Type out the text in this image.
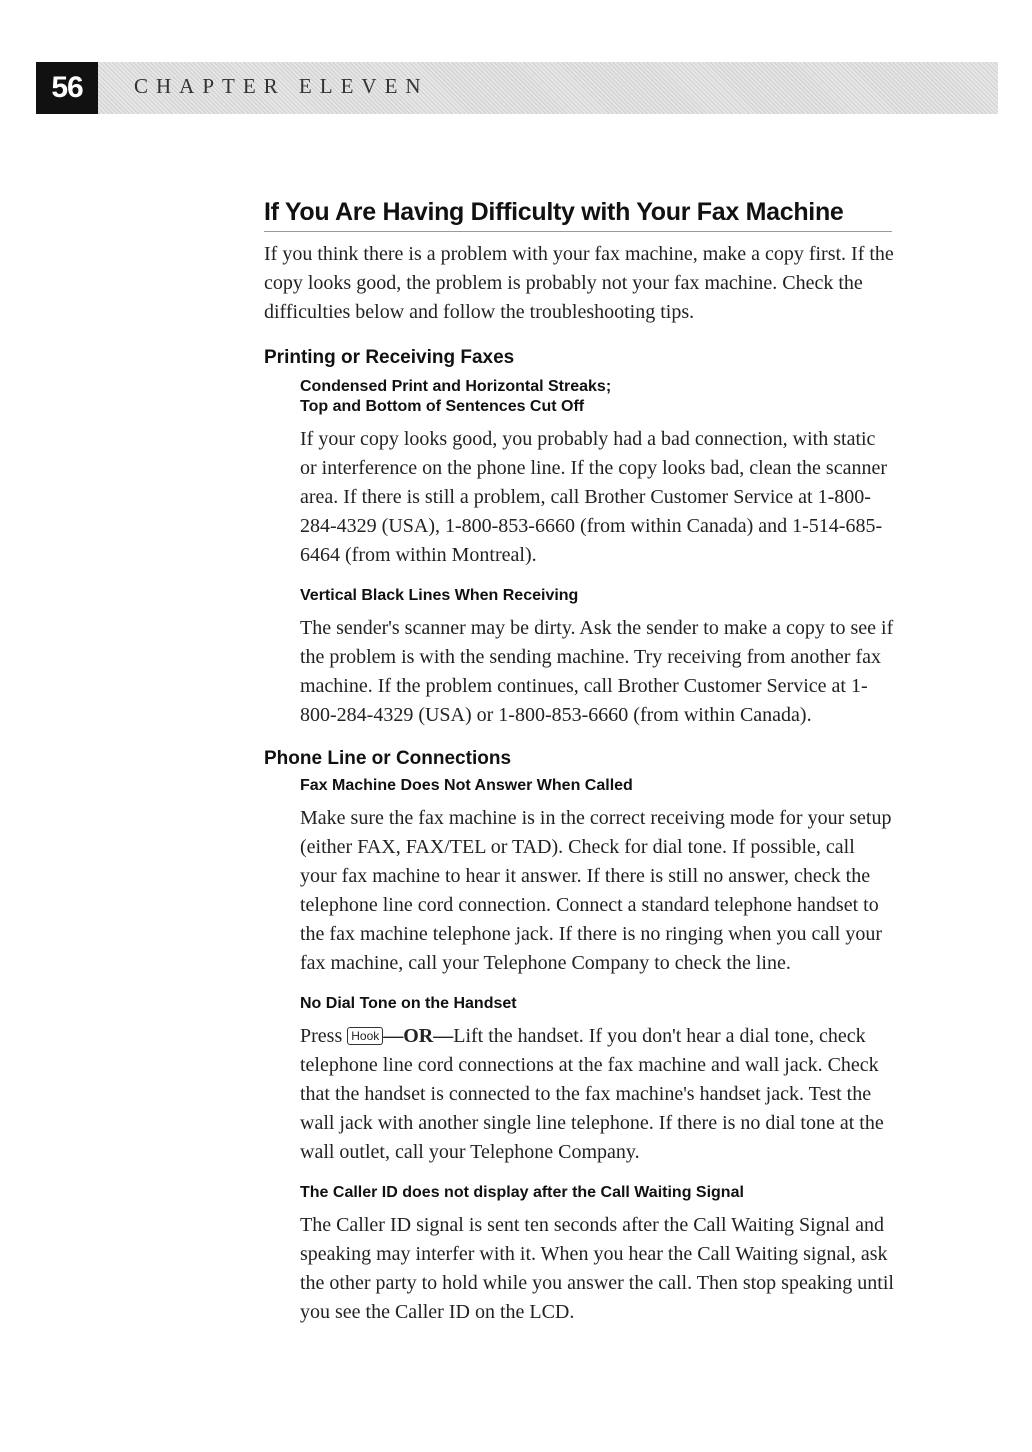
56	CHAPTER ELEVEN
If You Are Having Difficulty with Your Fax Machine

If you think there is a problem with your fax machine, make a copy first. If the copy looks good, the problem is probably not your fax machine. Check the difficulties below and follow the troubleshooting tips.

Printing or Receiving Faxes
Condensed Print and Horizontal Streaks;
Top and Bottom of Sentences Cut Off

If your copy looks good, you probably had a bad connection, with static or interference on the phone line. If the copy looks bad, clean the scanner area. If there is still a problem, call Brother Customer Service at 1-800-284-4329 (USA), 1-800-853-6660 (from within Canada) and 1-514-685-6464 (from within Montreal).

Vertical Black Lines When Receiving

The sender's scanner may be dirty. Ask the sender to make a copy to see if the problem is with the sending machine. Try receiving from another fax machine. If the problem continues, call Brother Customer Service at 1-800-284-4329 (USA) or 1-800-853-6660 (from within Canada).

Phone Line or Connections
Fax Machine Does Not Answer When Called

Make sure the fax machine is in the correct receiving mode for your setup (either FAX, FAX/TEL or TAD). Check for dial tone. If possible, call your fax machine to hear it answer. If there is still no answer, check the telephone line cord connection. Connect a standard telephone handset to the fax machine telephone jack. If there is no ringing when you call your fax machine, call your Telephone Company to check the line.

No Dial Tone on the Handset

Press Hook —OR—Lift the handset. If you don't hear a dial tone, check telephone line cord connections at the fax machine and wall jack. Check that the handset is connected to the fax machine's handset jack. Test the wall jack with another single line telephone. If there is no dial tone at the wall outlet, call your Telephone Company.

The Caller ID does not display after the Call Waiting Signal

The Caller ID signal is sent ten seconds after the Call Waiting Signal and speaking may interfer with it. When you hear the Call Waiting signal, ask the other party to hold while you answer the call. Then stop speaking until you see the Caller ID on the LCD.
